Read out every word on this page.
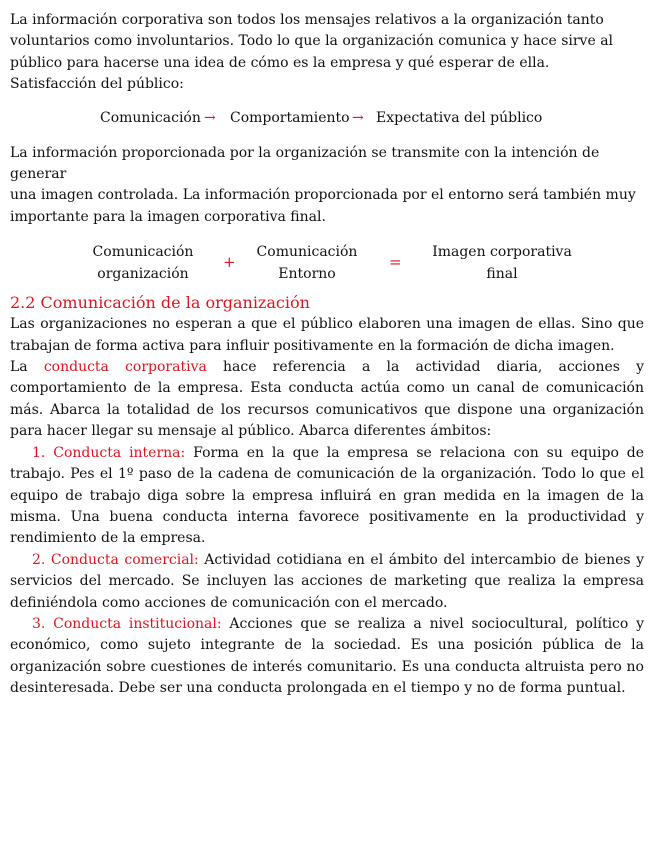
La información corporativa son todos los mensajes relativos a la organización tanto
voluntarios como involuntarios. Todo lo que la organización comunica y hace sirve al
público para hacerse una idea de cómo es la empresa y qué esperar de ella.
Satisfacción del público:
Comunicación → Comportamiento → Expectativa del público
La información proporcionada por la organización se transmite con la intención de generar
una imagen controlada. La información proporcionada por el entorno será también muy
importante para la imagen corporativa final.
Comunicación
organización
+
Comunicación
Entorno
=
Imagen corporativa
final
2.2 Comunicación de la organización

Las organizaciones no esperan a que el público elaboren una imagen de ellas. Sino que trabajan de forma activa para influir positivamente en la formación de dicha imagen.

La conducta corporativa hace referencia a la actividad diaria, acciones y comportamiento de la empresa. Esta conducta actúa como un canal de comunicación más. Abarca la totalidad de los recursos comunicativos que dispone una organización para hacer llegar su mensaje al público. Abarca diferentes ámbitos:

1. Conducta interna: Forma en la que la empresa se relaciona con su equipo de trabajo. Pes el 1º paso de la cadena de comunicación de la organización. Todo lo que el equipo de trabajo diga sobre la empresa influirá en gran medida en la imagen de la misma. Una buena conducta interna favorece positivamente en la productividad y rendimiento de la empresa.

2. Conducta comercial: Actividad cotidiana en el ámbito del intercambio de bienes y servicios del mercado. Se incluyen las acciones de marketing que realiza la empresa definiéndola como acciones de comunicación con el mercado.

3. Conducta institucional: Acciones que se realiza a nivel sociocultural, político y económico, como sujeto integrante de la sociedad. Es una posición pública de la organización sobre cuestiones de interés comunitario. Es una conducta altruista pero no desinteresada. Debe ser una conducta prolongada en el tiempo y no de forma puntual.
